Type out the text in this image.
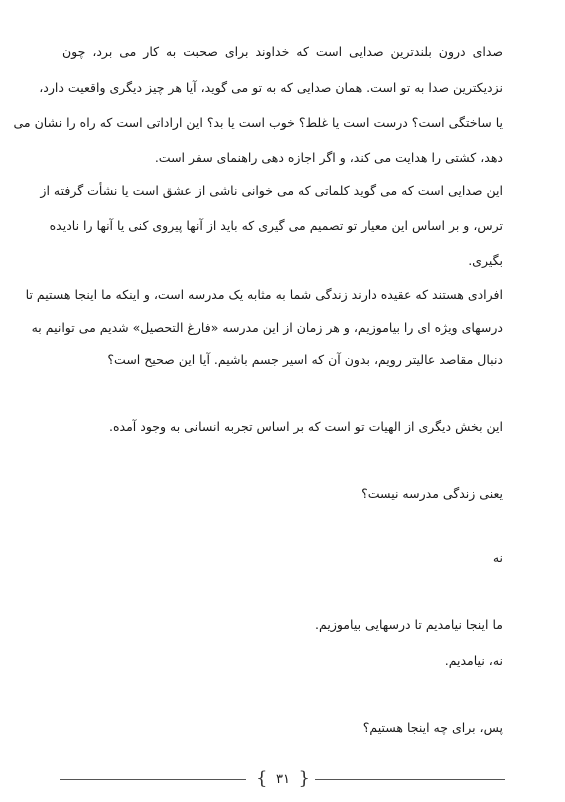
صدای درون بلندترین صدایی است که خداوند برای صحبت به کار می برد، چون
نزدیکترین صدا به تو است. همان صدایی که به تو می گوید، آیا هر چیز دیگری واقعیت دارد،
یا ساختگی است؟ درست است یا غلط؟ خوب است یا بد؟ این اراداتی است که راه را نشان می
دهد، کشتی را هدایت می کند، و اگر اجازه دهی راهنمای سفر است.
این صدایی است که می گوید کلماتی که می خوانی ناشی از عشق است یا نشأت گرفته از
ترس، و بر اساس این معیار تو تصمیم می گیری که باید از آنها پیروی کنی یا آنها را نادیده
بگیری.
افرادی هستند که عقیده دارند زندگی شما به مثابه یک مدرسه است، و اینکه ما اینجا هستیم تا
درسهای ویژه ای را بیاموزیم، و هر زمان از این مدرسه «فارغ التحصیل» شدیم می توانیم به
دنبال مقاصد عالیتر رویم، بدون آن که اسیر جسم باشیم. آیا این صحیح است؟
این بخش دیگری از الهیات تو است که بر اساس تجربه انسانی به وجود آمده.
یعنی زندگی مدرسه نیست؟
نه
ما اینجا نیامدیم تا درسهایی بیاموزیم.
نه، نیامدیم.
پس، برای چه اینجا هستیم؟
{ ۳۱ }
